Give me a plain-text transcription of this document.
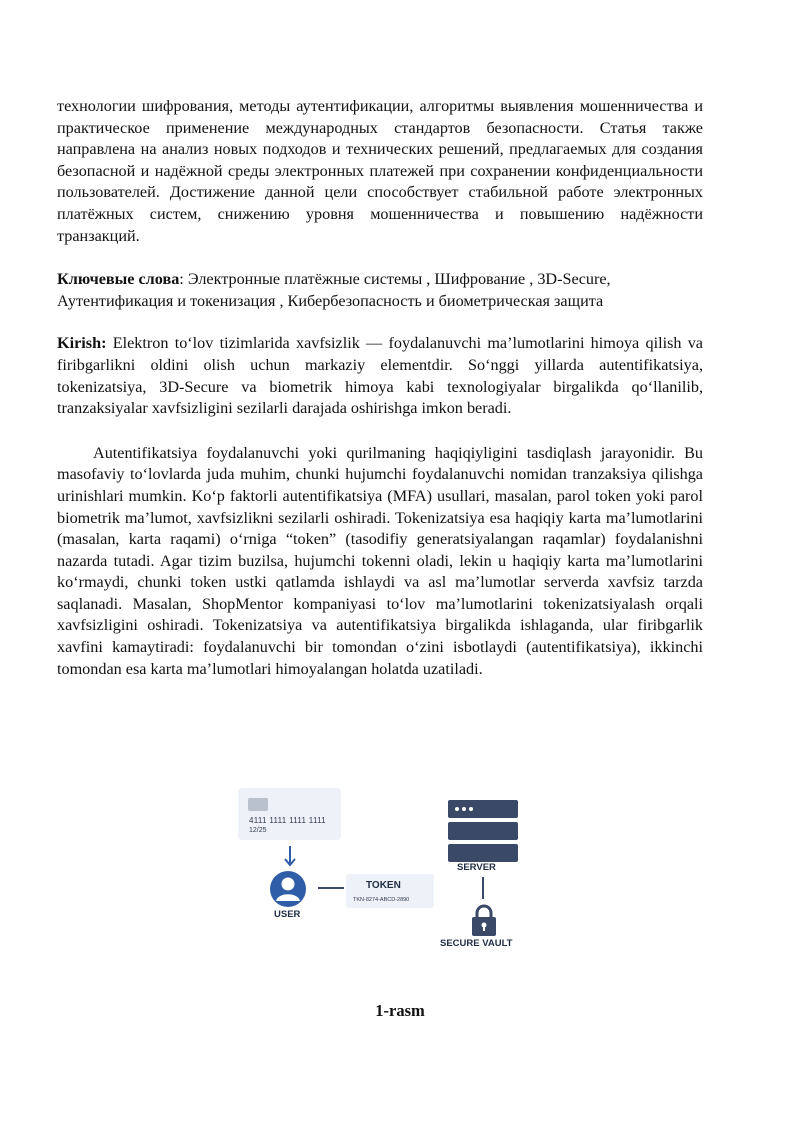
технологии шифрования, методы аутентификации, алгоритмы выявления мошенничества и практическое применение международных стандартов безопасности. Статья также направлена на анализ новых подходов и технических решений, предлагаемых для создания безопасной и надёжной среды электронных платежей при сохранении конфиденциальности пользователей. Достижение данной цели способствует стабильной работе электронных платёжных систем, снижению уровня мошенничества и повышению надёжности транзакций.

Ключевые слова: Электронные платёжные системы , Шифрование , 3D-Secure,
Аутентификация и токенизация , Кибербезопасность и биометрическая защита

Kirish: Elektron to‘lov tizimlarida xavfsizlik — foydalanuvchi ma’lumotlarini himoya qilish va firibgarlikni oldini olish uchun markaziy elementdir. So‘nggi yillarda autentifikatsiya, tokenizatsiya, 3D-Secure va biometrik himoya kabi texnologiyalar birgalikda qo‘llanilib, tranzaksiyalar xavfsizligini sezilarli darajada oshirishga imkon beradi.

Autentifikatsiya foydalanuvchi yoki qurilmaning haqiqiyligini tasdiqlash jarayonidir. Bu masofaviy to‘lovlarda juda muhim, chunki hujumchi foydalanuvchi nomidan tranzaksiya qilishga urinishlari mumkin. Ko‘p faktorli autentifikatsiya (MFA) usullari, masalan, parol token yoki parol biometrik ma’lumot, xavfsizlikni sezilarli oshiradi. Tokenizatsiya esa haqiqiy karta ma’lumotlarini (masalan, karta raqami) o‘rniga “token” (tasodifiy generatsiyalangan raqamlar) foydalanishni nazarda tutadi. Agar tizim buzilsa, hujumchi tokenni oladi, lekin u haqiqiy karta ma’lumotlarini ko‘rmaydi, chunki token ustki qatlamda ishlaydi va asl ma’lumotlar serverda xavfsiz tarzda saqlanadi. Masalan, ShopMentor kompaniyasi to‘lov ma’lumotlarini tokenizatsiyalash orqali xavfsizligini oshiradi. Tokenizatsiya va autentifikatsiya birgalikda ishlaganda, ular firibgarlik xavfini kamaytiradi: foydalanuvchi bir tomondan o‘zini isbotlaydi (autentifikatsiya), ikkinchi tomondan esa karta ma’lumotlari himoyalangan holatda uzatiladi.

4111 1111 1111 1111
12/25
USER
TOKEN
TKN-8274-ABCD-2890
SERVER
SECURE VAULT
1-rasm
